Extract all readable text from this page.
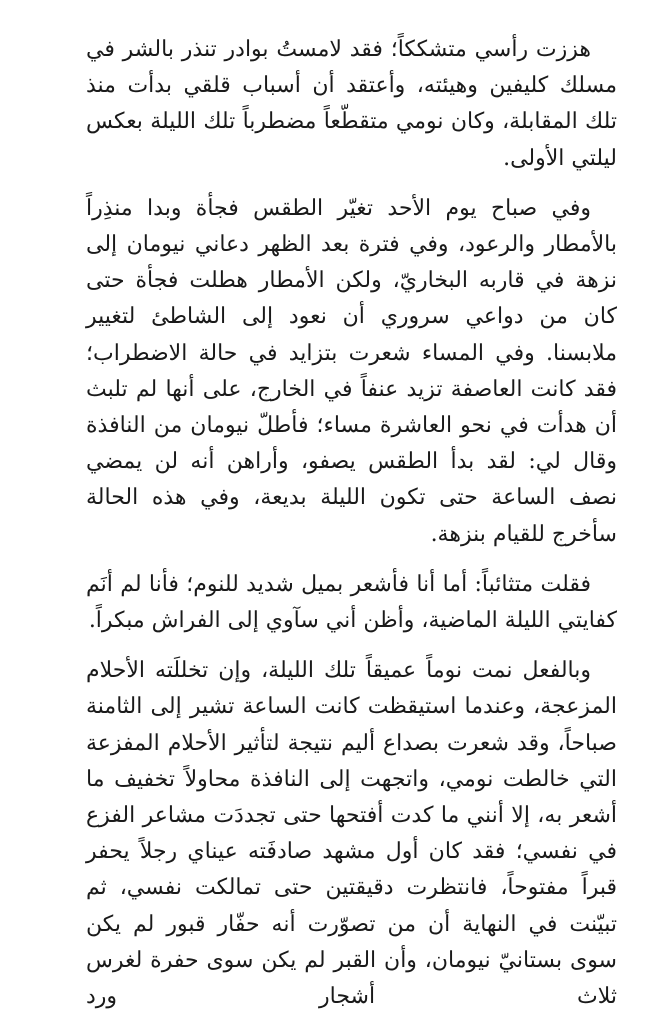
هززت رأسي متشككاً؛ فقد لامستُ بوادر تنذر بالشر في مسلك كليفين وهيئته، وأعتقد أن أسباب قلقي بدأت منذ تلك المقابلة، وكان نومي متقطّعاً مضطرباً تلك الليلة بعكس ليلتي الأولى.

وفي صباح يوم الأحد تغيّر الطقس فجأة وبدا منذِراً بالأمطار والرعود، وفي فترة بعد الظهر دعاني نيومان إلى نزهة في قاربه البخاريّ، ولكن الأمطار هطلت فجأة حتى كان من دواعي سروري أن نعود إلى الشاطئ لتغيير ملابسنا. وفي المساء شعرت بتزايد في حالة الاضطراب؛ فقد كانت العاصفة تزيد عنفاً في الخارج، على أنها لم تلبث أن هدأت في نحو العاشرة مساء؛ فأطلّ نيومان من النافذة وقال لي: لقد بدأ الطقس يصفو، وأراهن أنه لن يمضي نصف الساعة حتى تكون الليلة بديعة، وفي هذه الحالة سأخرج للقيام بنزهة.

فقلت متثائباً: أما أنا فأشعر بميل شديد للنوم؛ فأنا لم أنَم كفايتي الليلة الماضية، وأظن أني سآوي إلى الفراش مبكراً.

وبالفعل نمت نوماً عميقاً تلك الليلة، وإن تخللَته الأحلام المزعجة، وعندما استيقظت كانت الساعة تشير إلى الثامنة صباحاً، وقد شعرت بصداع أليم نتيجة لتأثير الأحلام المفزعة التي خالطت نومي، واتجهت إلى النافذة محاولاً تخفيف ما أشعر به، إلا أنني ما كدت أفتحها حتى تجددَت مشاعر الفزع في نفسي؛ فقد كان أول مشهد صادفَته عيناي رجلاً يحفر قبراً مفتوحاً، فانتظرت دقيقتين حتى تمالكت نفسي، ثم تبيّنت في النهاية أن من تصوّرت أنه حفّار قبور لم يكن سوى بستانيّ نيومان، وأن القبر لم يكن سوى حفرة لغرس ثلاث أشجار ورد
